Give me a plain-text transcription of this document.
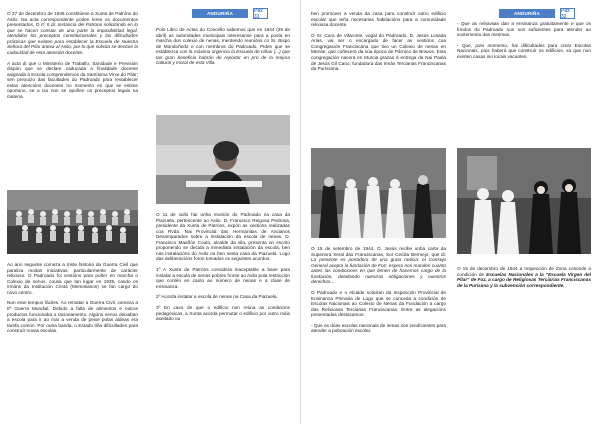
ANDURIÑA	Pax 31

O 27 de decembro de 1935 constitúese a Xunta de Patróns do Asilo. Na acta correspondente poden lerse os documentos presentados, O nº 6 di: Instancia del Patrono solicitando en lo que se hacen constar de una parte la imposibilidad legal, atendidos los preceptos constitucionales y las dificultades prácticas que existen para establecer la Escuela de Nuestra Señora del Pilar anexa al Asilo, por lo que solicita se declare la caducidad de esta atención docente.

A acta di que o Ministerio de Traballo, Sanidade e Previsión dispón que se declare caducada a finalidade docente asignada á Escola comprendemos da Santísima Virxe do Pilar; sen prexuizo das facultades do Padroado para restablecer estas atencións docentes no momento en que se estime oportuno, se a iso non se opoñen os preceptos legais na materia.

Ao ano seguinte comeza a triste historia da Guerra Civil que paraliza moitas iniciativas, particularmente de carácter relixioso. O Padroado foi xestións para poñer en marcha o Colexio de nenos, cousa que tan lugar en 1939, cando os irmáns da Institución Cristá (Menesianos) se fan cargo do novo centro.

Non eran tempos fáciles. Ao rematar a Guerra Civil, comeza a IIª Guerra Mundial. Debido a falta de alimentos e outros productos funcionaba o racionamento. Algúns nenos deixaban a escola para ir ao mar a venda de peixe polas aldeas era tarefa común. Por outra banda, o Estado tiña dificultades para construír novas escolas.

Polo Libro de Actas do Concello sabemos que en 1944 (29 de abril) as autoridades municipais interesanse para a posta en marcha dun colexio de nenas, mentendo reunións co Sr. Bispo de Mondoñedo e con membros do Padroado. Piden que se establezca con la máxima urgencia la Escuela de niñas (...) que tan gran beneficio habrán de reportar en pro de la mejora cultural y moral de esta Villa.

O 11 de xullo hai unha reunión do Padroado na casa da Piazuela, pertencente ao Asilo. D. Francisco Reigosa Pedrosa, presidente da Xunta de Patróns, expón as xestións realizadas coa Rvda. Nai Provincial das Hermanitas de Ancianos Desamparados sobre a instalación da escola de nenas. D. Francisco Maañón Couto, alcalde da vila, presenta un escrito proponendo se decida a inmediata instalación da escola, ben nas instalacións do Asilo ou ben nesta casa da Piazuela. Logo das deliberacións foron tomados os seguintes acordos:

1º A Xunta de Patróns considera inaceptable a base para instalar a escola de nenas pobres fronte ao Asilo pola restricción que contén en canto ao número de nenas e a clase de ensinanza.

2º Acorda instalar a escola de nenas na Casa da Piazuela.

3º En caso de que o edificio non reúna as condicións pedagóxicas, a Xunta acorda permutar o edificio por outro máis axeitado ou

ANDURIÑA	Pax 32

ben promover a venda da casa para construír outro edificio escolar que teña necesarias habitacións para a comunidade relixiosa docente.

O Sr. Cura de Vilaronte, vogal do Padroado, D. Jesús Losada Arias, vai ser o encargado de facer as xestións coa Congregación Franciscana que tivo un Colexio de nenas en Meiráe, que coñecera da súa época de Párroco de Bravos. Esta congregación nacera en Murcia grazas á entrega da Nai Paula de Jesús Gil Cano, fundadora das Irmás Terciarias Franciscanas da Puríssima.

O 15 de setembro de 1944, D. Jesús recibe unha carta da Superiora Xeral das Franciscanas, Sor Cecilia Bermejo, que di: La presente es portadora de una grata noticia: el Consejo General acepta la fundación de Foz; espero nos manden cuanto antes las condiciones en que tienen de hacernos cargo de la fundación, detallando nuestras obligaciones y nuestros derechos…

O Padroado e o Alcalde solicitan da Inspección Provincial de Ensinanza Primaria de Lugo que se conceda a condición de Escolas Nacionais ao Colexio de Nenas da Fundación a cargo das Relixiosas Terciarias Franciscanas. Entre as alegacións presentadas destacamos:

- Que as dúas escolas nacionais de nenas son insuficientes para atender a poboación escolar.

- Que as relixiosas dan a ensinanza gratuitamente e que os fondos do Padroado non son suficientes para atender ao sostemento das mesmas.

- Que, polo momento, hai dificultades para crear Escolas Nacionais, pois haberá que construír os edificios, xa que non existen casas nin locais vacantes.

O 15 de decembro de 1944 a Inspección de Zona concede a condición de Escuelas Nacionales a la "Escuela Virgen del Pilar" de Foz, a cargo de Religiosas Terciarias Franciscanas de la Purísima y la subvención correspondiente.
